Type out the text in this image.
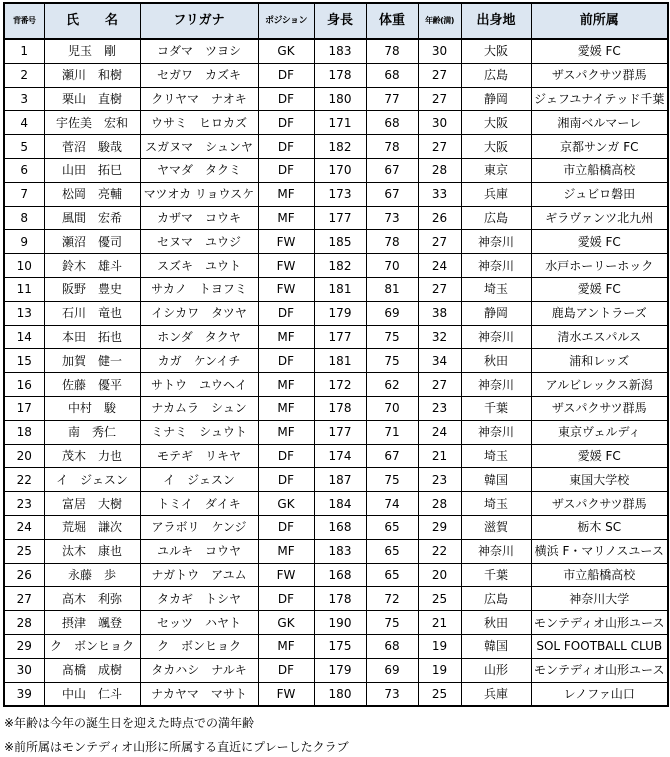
背番号	氏　　名	フリガナ	ポジション	身長	体重	年齢(満)	出身地	前所属
1	児玉　剛	コダマ　ツヨシ	GK	183	78	30	大阪	愛媛 FC
2	瀬川　和樹	セガワ　カズキ	DF	178	68	27	広島	ザスパクサツ群馬
3	栗山　直樹	クリヤマ　ナオキ	DF	180	77	27	静岡	ジェフユナイテッド千葉
4	宇佐美　宏和	ウサミ　ヒロカズ	DF	171	68	30	大阪	湘南ベルマーレ
5	菅沼　駿哉	スガヌマ　シュンヤ	DF	182	78	27	大阪	京都サンガ FC
6	山田　拓巳	ヤマダ　タクミ	DF	170	67	28	東京	市立船橋高校
7	松岡　亮輔	マツオカ リョウスケ	MF	173	67	33	兵庫	ジュビロ磐田
8	風間　宏希	カザマ　コウキ	MF	177	73	26	広島	ギラヴァンツ北九州
9	瀬沼　優司	セヌマ　ユウジ	FW	185	78	27	神奈川	愛媛 FC
10	鈴木　雄斗	スズキ　ユウト	FW	182	70	24	神奈川	水戸ホーリーホック
11	阪野　豊史	サカノ　トヨフミ	FW	181	81	27	埼玉	愛媛 FC
13	石川　竜也	イシカワ　タツヤ	DF	179	69	38	静岡	鹿島アントラーズ
14	本田　拓也	ホンダ　タクヤ	MF	177	75	32	神奈川	清水エスパルス
15	加賀　健一	カガ　ケンイチ	DF	181	75	34	秋田	浦和レッズ
16	佐藤　優平	サトウ　ユウヘイ	MF	172	62	27	神奈川	アルビレックス新潟
17	中村　駿	ナカムラ　シュン	MF	178	70	23	千葉	ザスパクサツ群馬
18	南　秀仁	ミナミ　シュウト	MF	177	71	24	神奈川	東京ヴェルディ
20	茂木　力也	モテギ　リキヤ	DF	174	67	21	埼玉	愛媛 FC
22	イ　ジェスン	イ　ジェスン	DF	187	75	23	韓国	東国大学校
23	富居　大樹	トミイ　ダイキ	GK	184	74	28	埼玉	ザスパクサツ群馬
24	荒堀　謙次	アラボリ　ケンジ	DF	168	65	29	滋賀	栃木 SC
25	汰木　康也	ユルキ　コウヤ	MF	183	65	22	神奈川	横浜 F・マリノスユース
26	永藤　歩	ナガトウ　アユム	FW	168	65	20	千葉	市立船橋高校
27	高木　利弥	タカギ　トシヤ	DF	178	72	25	広島	神奈川大学
28	摂津　颯登	セッツ　ハヤト	GK	190	75	21	秋田	モンテディオ山形ユース
29	ク　ボンヒョク	ク　ボンヒョク	MF	175	68	19	韓国	SOL FOOTBALL CLUB
30	髙橋　成樹	タカハシ　ナルキ	DF	179	69	19	山形	モンテディオ山形ユース
39	中山　仁斗	ナカヤマ　マサト	FW	180	73	25	兵庫	レノファ山口
※年齢は今年の誕生日を迎えた時点での満年齢
※前所属はモンテディオ山形に所属する直近にプレーしたクラブ
